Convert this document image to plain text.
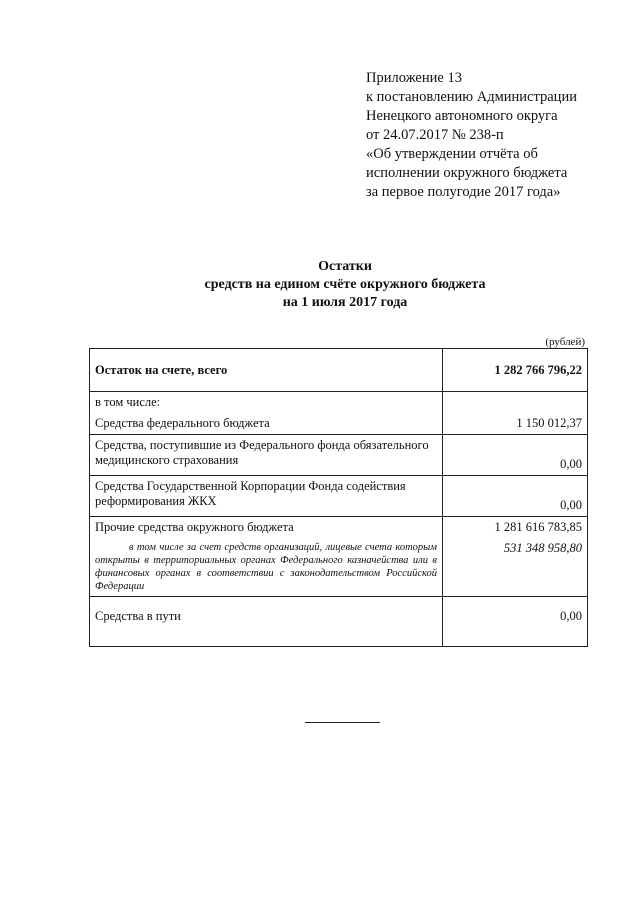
Приложение 13
к постановлению Администрации
Ненецкого автономного округа
от 24.07.2017 № 238-п
«Об утверждении отчёта об
исполнении окружного бюджета
за первое полугодие 2017 года»
Остатки
средств на едином счёте окружного бюджета
на 1 июля 2017 года
(рублей)
Остаток на счете, всего	1 282 766 796,22

в том числе:
Средства федерального бюджета	1 150 012,37
Средства, поступившие из Федерального фонда обязательного медицинского страхования	0,00
Средства Государственной Корпорации Фонда содействия реформирования ЖКХ	0,00
Прочие средства окружного бюджета	1 281 616 783,85
в том числе за счет средств организаций, лицевые счета которым открыты в территориальных органах Федерального казначейства или в финансовых органах в соответствии с законодательством Российской Федерации	531 348 958,80
Средства в пути	0,00
